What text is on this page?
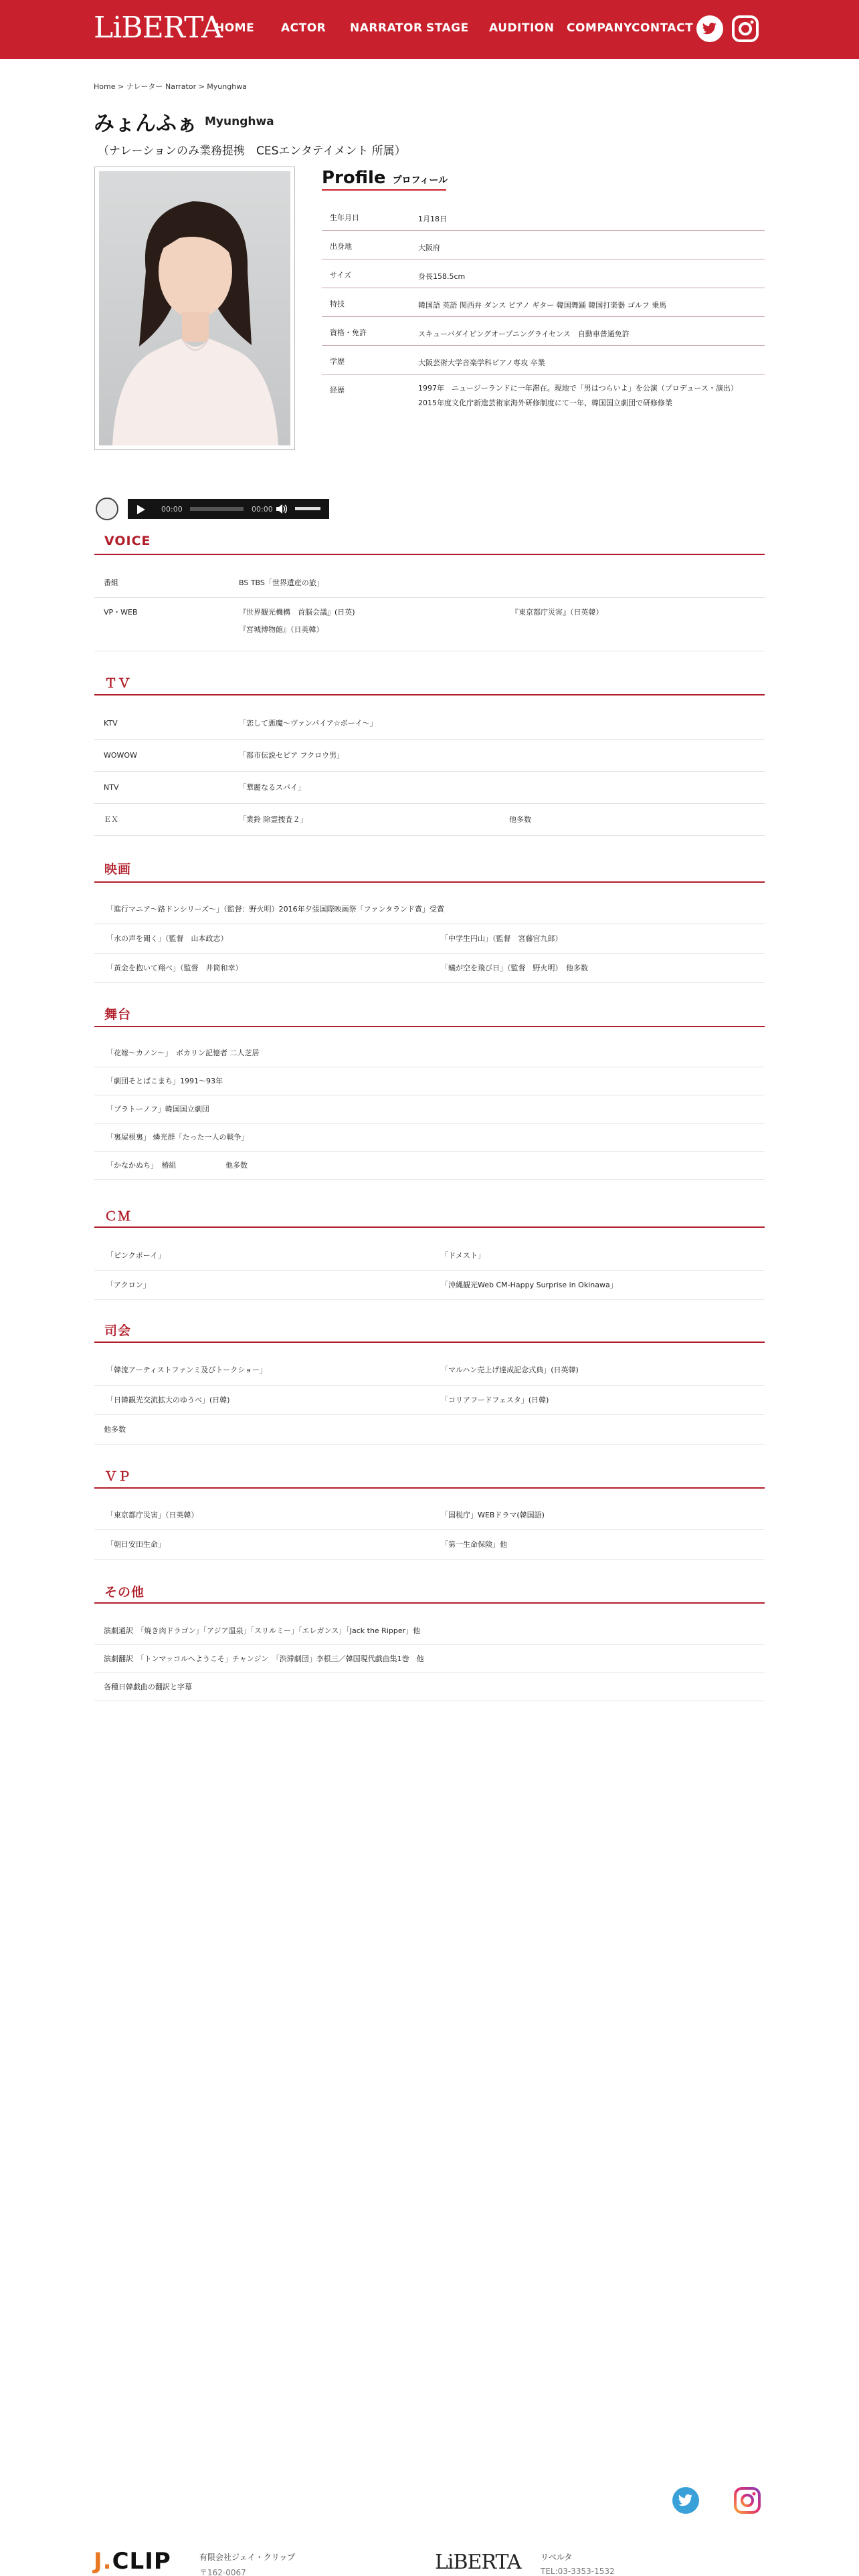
LiBERTA
HOME ACTOR NARRATOR STAGE AUDITION COMPANY CONTACT
Home > ナレーター Narrator > Myunghwa
みょんふぁ Myunghwa
（ナレーションのみ業務提携　CESエンタテイメント 所属）
Profile プロフィール
生年月日	1月18日
出身地	大阪府
サイズ	身長158.5cm
特技	韓国語 英語 関西弁 ダンス ピアノ ギター 韓国舞踊 韓国打楽器 ゴルフ 乗馬
資格・免許	スキューバダイビングオープニングライセンス　自動車普通免許
学歴	大阪芸術大学音楽学科ピアノ専攻 卒業
経歴	1997年　ニュージーランドに一年滞在。現地で「男はつらいよ」を公演（プロデュース・演出） 2015年度文化庁新進芸術家海外研修制度にて一年、韓国国立劇団で研修修業
00:00	00:00
VOICE
番組	BS TBS「世界遺産の旅」
VP・WEB	『世界観光機構　首脳会議』(日英)	『東京都庁災害』（日英韓）
『宮城博物館』（日英韓）
ＴＶ
KTV	「恋して悪魔〜ヴァンパイア☆ボーイ〜」
WOWOW	「都市伝説セピア フクロウ男」
NTV	「華麗なるスパイ」
ＥＸ	「業鈴 除霊捜査２」	他多数
映画
「進行マニア〜路ドンシリーズ〜」（監督：野火明）2016年夕張国際映画祭「ファンタランド賞」受賞
「水の声を聞く」（監督　山本政志）	「中学生円山」（監督　宮藤官九郎）
「黄金を抱いて翔べ」（監督　井筒和幸）	「蟻が空を飛び日」（監督　野火明）　他多数
舞台
「花嫁〜カノン〜」　ボカリン記憶者 二人芝居
「劇団そとばこまち」1991〜93年
「プラトーノフ」韓国国立劇団
「裏屋根裏」 燐光群「たった一人の戦争」
「かなかぬち」　椿組	他多数
ＣＭ
「ピンクボーイ」	「ドメスト」
「アクロン」	「沖縄観光Web CM-Happy Surprise in Okinawa」
司会
「韓流アーティストファンミ及びトークショー」	「マルハン売上げ達成記念式典」(日英韓)
「日韓観光交流拡大のゆうべ」(日韓)	「コリアフードフェスタ」(日韓)
他多数
ＶＰ
「東京都庁災害」（日英韓）	「国税庁」WEBドラマ(韓国語)
「朝日安田生命」	「第一生命保険」他
その他
演劇通訳　「焼き肉ドラゴン」「アジア温泉」「スリルミー」「エレガンス」「Jack the Ripper」他
演劇翻訳　「トンマッコルへようこそ」チャンジン　「渋滞劇団」李根三／韓国現代戯曲集1巻　他
各種日韓戯曲の翻訳と字幕
J.CLIP	有限会社ジェイ・クリップ
〒162-0067	LiBERTA リベルタ
TEL:03-3353-1532
